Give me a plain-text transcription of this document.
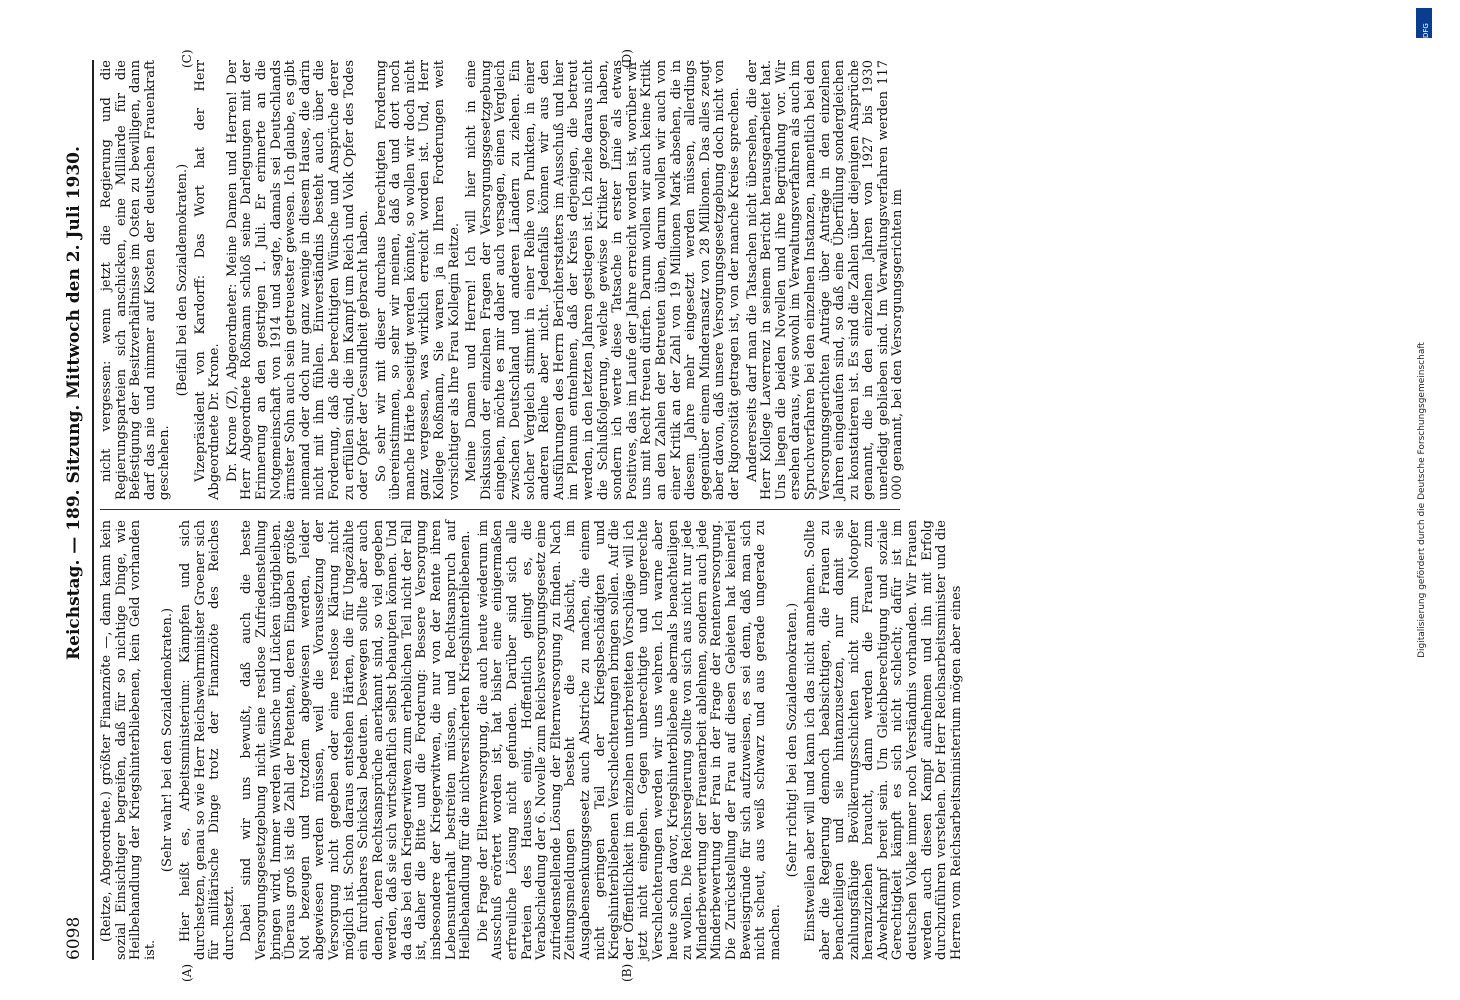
6098
Reichstag. — 189. Sitzung. Mittwoch den 2. Juli 1930.

(Reitze, Abgeordnete.) größter Finanznöte —, dann kann kein sozial Einsichtiger begreifen, daß für so nichtige Dinge, wie Heilbehandlung der Kriegshinterbliebenen, kein Geld vorhanden ist.

(Sehr wahr! bei den Sozialdemokraten.) Hier heißt es, Arbeitsministerium: Kämpfen und sich durchsetzen, genau so wie Herr Reichswehrminister Groener sich für militärische Dinge trotz der Finanznöte des Reiches durchsetzt. Dabei sind wir uns bewußt, daß auch die beste Versorgungsgesetzgebung nicht eine restlose Zufriedenstellung bringen wird. Immer werden Wünsche und Lücken übrigbleiben. Überaus groß ist die Zahl der Petenten, deren Eingaben größte Not bezeugen und trotzdem abgewiesen werden, leider abgewiesen werden müssen, weil die Voraussetzung der Versorgung nicht gegeben oder eine restlose Klärung nicht möglich ist. Schon daraus entstehen Härten, die für Ungezählte ein furchtbares Schicksal bedeuten. Deswegen sollte aber auch denen, deren Rechtsansprüche anerkannt sind, so viel gegeben werden, daß sie sich wirtschaftlich selbst behaupten können. Und da das bei den Kriegerwitwen zum erheblichen Teil nicht der Fall ist, daher die Bitte und die Forderung: Bessere Versorgung insbesondere der Kriegerwitwen, die nur von der Rente ihren Lebensunterhalt bestreiten müssen, und Rechtsanspruch auf Heilbehandlung für die nichtversicherten Kriegshinterbliebenen. Die Frage der Elternversorgung, die auch heute wiederum im Ausschuß erörtert worden ist, hat bisher eine einigermaßen erfreuliche Lösung nicht gefunden. Darüber sind sich alle Parteien des Hauses einig. Hoffentlich gelingt es, die Verabschiedung der 6. Novelle zum Reichsversorgungsgesetz eine zufriedenstellende Lösung der Elternversorgung zu finden. Nach Zeitungsmeldungen besteht die Absicht, im Ausgabensenkungsgesetz auch Abstriche zu machen, die einem nicht geringen Teil der Kriegsbeschädigten und Kriegshinterbliebenen Verschlechterungen bringen sollen. Auf die der Öffentlichkeit im einzelnen unterbreiteten Vorschläge will ich jetzt nicht eingehen. Gegen unberechtigte und ungerechte Verschlechterungen werden wir uns wehren. Ich warne aber heute schon davor, Kriegshinterbliebene abermals benachteiligen zu wollen. Die Reichsregierung sollte von sich aus nicht nur jede Minderbewertung der Frauenarbeit ablehnen, sondern auch jede Minderbewertung der Frau in der Frage der Rentenversorgung. Die Zurückstellung der Frau auf diesen Gebieten hat keinerlei Beweisgründe für sich aufzuweisen, es sei denn, daß man sich nicht scheut, aus weiß schwarz und aus gerade ungerade zu machen.

(Sehr richtig! bei den Sozialdemokraten.) Einstweilen aber will und kann ich das nicht annehmen. Sollte aber die Regierung dennoch beabsichtigen, die Frauen zu benachteiligen und sie hintanzusetzen, nur damit sie zahlungsfähige Bevölkerungsschichten nicht zum Notopfer heranzuziehen braucht, dann werden die Frauen zum Abwehrkampf bereit sein. Um Gleichberechtigung und soziale Gerechtigkeit kämpft es sich nicht schlecht; dafür ist im deutschen Volke immer noch Verständnis vorhanden. Wir Frauen werden auch diesen Kampf aufnehmen und ihn mit Erfolg durchzuführen verstehen. Der Herr Reichsarbeitsminister und die Herren vom Reichsarbeitsministerium mögen aber eines

nicht vergessen: wenn jetzt die Regierung und die Regierungsparteien sich anschicken, eine Milliarde für die Befestigung der Besitzverhältnisse im Osten zu bewilligen, dann darf das nie und nimmer auf Kosten der deutschen Frauenkraft geschehen.

(Beifall bei den Sozialdemokraten.) Vizepräsident von Kardorff: Das Wort hat der Herr Abgeordnete Dr. Krone. Dr. Krone (Z), Abgeordneter: Meine Damen und Herren! Der Herr Abgeordnete Roßmann schloß seine Darlegungen mit der Erinnerung an den gestrigen 1. Juli. Er erinnerte an die Notgemeinschaft von 1914 und sagte, damals sei Deutschlands ärmster Sohn auch sein getreuester gewesen. Ich glaube, es gibt niemand oder doch nur ganz wenige in diesem Hause, die darin nicht mit ihm fühlen. Einverständnis besteht auch über die Forderung, daß die berechtigten Wünsche und Ansprüche derer zu erfüllen sind, die im Kampf um Reich und Volk Opfer des Todes oder Opfer der Gesundheit gebracht haben. So sehr wir mit dieser durchaus berechtigten Forderung übereinstimmen, so sehr wir meinen, daß da und dort noch manche Härte beseitigt werden könnte, so wollen wir doch nicht ganz vergessen, was wirklich erreicht worden ist. Und, Herr Kollege Roßmann, Sie waren ja in Ihren Forderungen weit vorsichtiger als Ihre Frau Kollegin Reitze. Meine Damen und Herren! Ich will hier nicht in eine Diskussion der einzelnen Fragen der Versorgungsgesetzgebung eingehen, möchte es mir daher auch versagen, einen Vergleich zwischen Deutschland und anderen Ländern zu ziehen. Ein solcher Vergleich stimmt in einer Reihe von Punkten, in einer anderen Reihe aber nicht. Jedenfalls können wir aus den Ausführungen des Herrn Berichterstatters im Ausschuß und hier im Plenum entnehmen, daß der Kreis derjenigen, die betreut werden, in den letzten Jahren gestiegen ist. Ich ziehe daraus nicht die Schlußfolgerung, welche gewisse Kritiker gezogen haben, sondern ich werte diese Tatsache in erster Linie als etwas Positives, das im Laufe der Jahre erreicht worden ist, worüber wir uns mit Recht freuen dürfen. Darum wollen wir auch keine Kritik an den Zahlen der Betreuten üben, darum wollen wir auch von einer Kritik an der Zahl von 19 Millionen Mark absehen, die in diesem Jahre mehr eingesetzt werden müssen, allerdings gegenüber einem Minderansatz von 28 Millionen. Das alles zeugt aber davon, daß unsere Versorgungsgesetzgebung doch nicht von der Rigorosität getragen ist, von der manche Kreise sprechen. Andererseits darf man die Tatsachen nicht übersehen, die der Herr Kollege Laverrenz in seinem Bericht herausgearbeitet hat. Uns liegen die beiden Novellen und ihre Begründung vor. Wir ersehen daraus, wie sowohl im Verwaltungsverfahren als auch im Spruchverfahren bei den einzelnen Instanzen, namentlich bei den Versorgungsgerichten Anträge über Anträge in den einzelnen Jahren eingelaufen sind, so daß eine Überfüllung sondergleichen zu konstatieren ist. Es sind die Zahlen über diejenigen Ansprüche genannt, die in den einzelnen Jahren von 1927 bis 1930 unerledigt geblieben sind. Im Verwaltungsverfahren werden 117 000 genannt, bei den Versorgungsgerichten im

(A)	(B)
(C)	(D)
Digitalisierung gefördert durch die Deutsche Forschungsgemeinschaft
DFG
